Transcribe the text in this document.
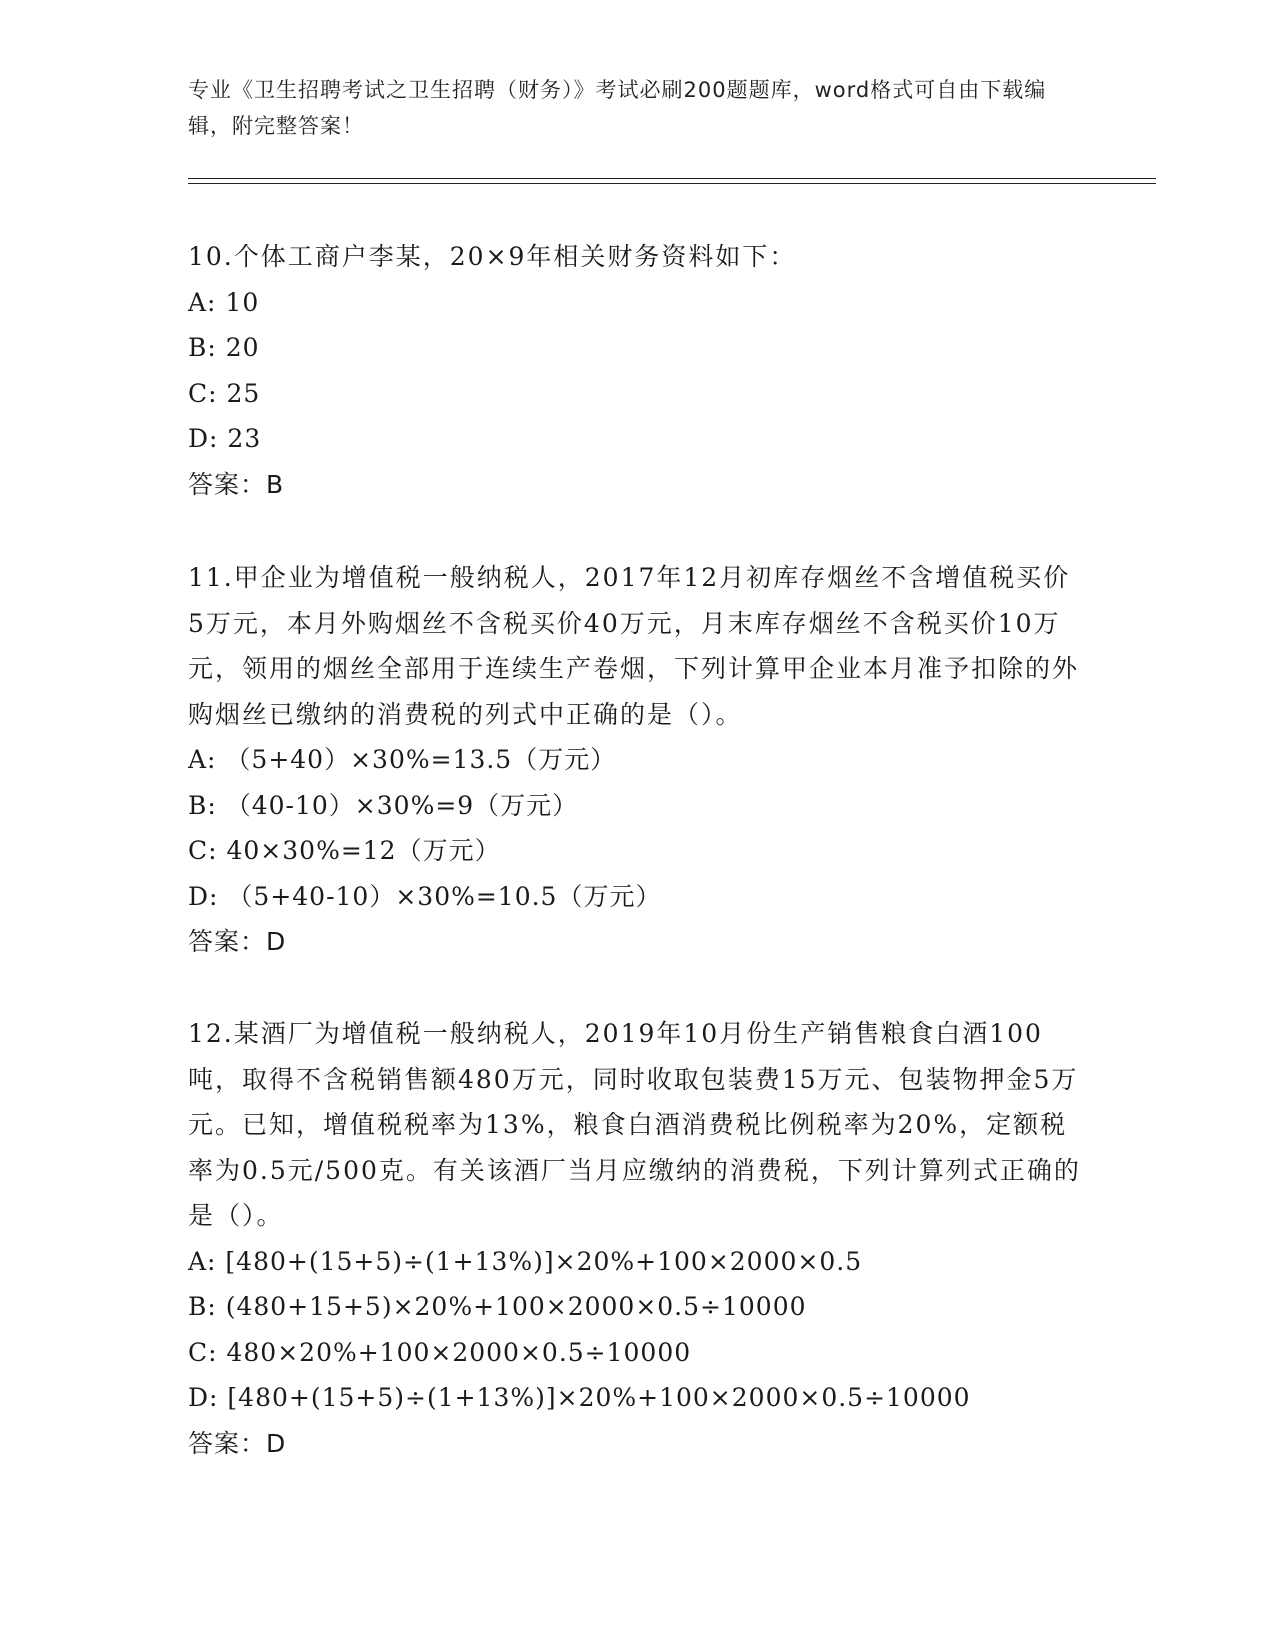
专业《卫生招聘考试之卫生招聘（财务）》考试必刷200题题库，word格式可自由下载编辑，附完整答案！

10.个体工商户李某，20×9年相关财务资料如下：

A: 10

B: 20

C: 25

D: 23

答案：B

11.甲企业为增值税一般纳税人，2017年12月初库存烟丝不含增值税买价5万元，本月外购烟丝不含税买价40万元，月末库存烟丝不含税买价10万元，领用的烟丝全部用于连续生产卷烟，下列计算甲企业本月准予扣除的外购烟丝已缴纳的消费税的列式中正确的是（）。

A: （5+40）×30%=13.5（万元）

B: （40-10）×30%=9（万元）

C: 40×30%=12（万元）

D: （5+40-10）×30%=10.5（万元）

答案：D

12.某酒厂为增值税一般纳税人，2019年10月份生产销售粮食白酒100吨，取得不含税销售额480万元，同时收取包装费15万元、包装物押金5万元。已知，增值税税率为13%，粮食白酒消费税比例税率为20%，定额税率为0.5元/500克。有关该酒厂当月应缴纳的消费税，下列计算列式正确的是（）。

A: [480+(15+5)÷(1+13%)]×20%+100×2000×0.5

B: (480+15+5)×20%+100×2000×0.5÷10000

C: 480×20%+100×2000×0.5÷10000

D: [480+(15+5)÷(1+13%)]×20%+100×2000×0.5÷10000

答案：D
